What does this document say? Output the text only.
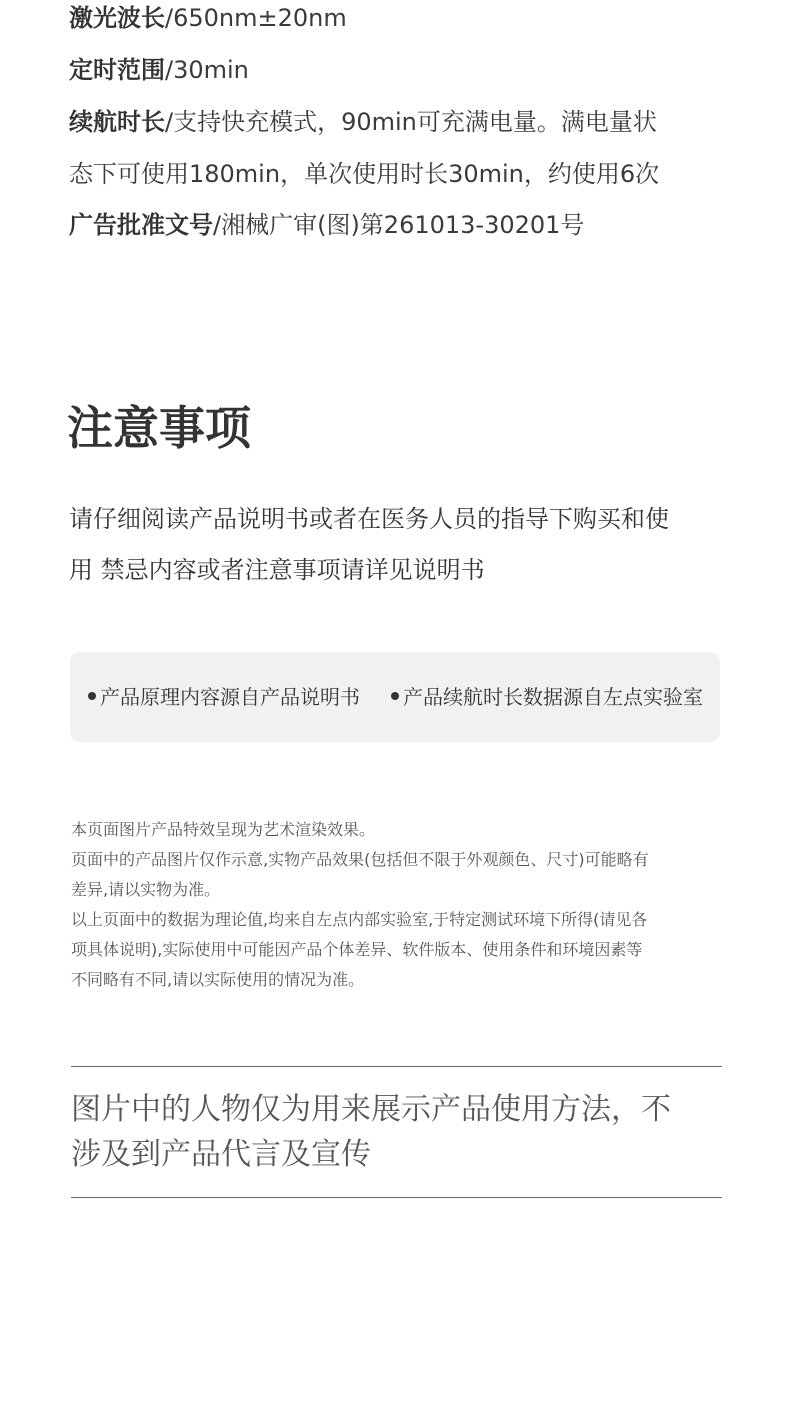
激光波长/650nm±20nm
定时范围/30min
续航时长/支持快充模式，90min可充满电量。满电量状
态下可使用180min，单次使用时长30min，约使用6次
广告批准文号/湘械广审(图)第261013-30201号
注意事项
请仔细阅读产品说明书或者在医务人员的指导下购买和使
用 禁忌内容或者注意事项请详见说明书
产品原理内容源自产品说明书	产品续航时长数据源自左点实验室
本页面图片产品特效呈现为艺术渲染效果。
页面中的产品图片仅作示意,实物产品效果(包括但不限于外观颜色、尺寸)可能略有
差异,请以实物为准。
以上页面中的数据为理论值,均来自左点内部实验室,于特定测试环境下所得(请见各
项具体说明),实际使用中可能因产品个体差异、软件版本、使用条件和环境因素等
不同略有不同,请以实际使用的情况为准。
图片中的人物仅为用来展示产品使用方法，不
涉及到产品代言及宣传
